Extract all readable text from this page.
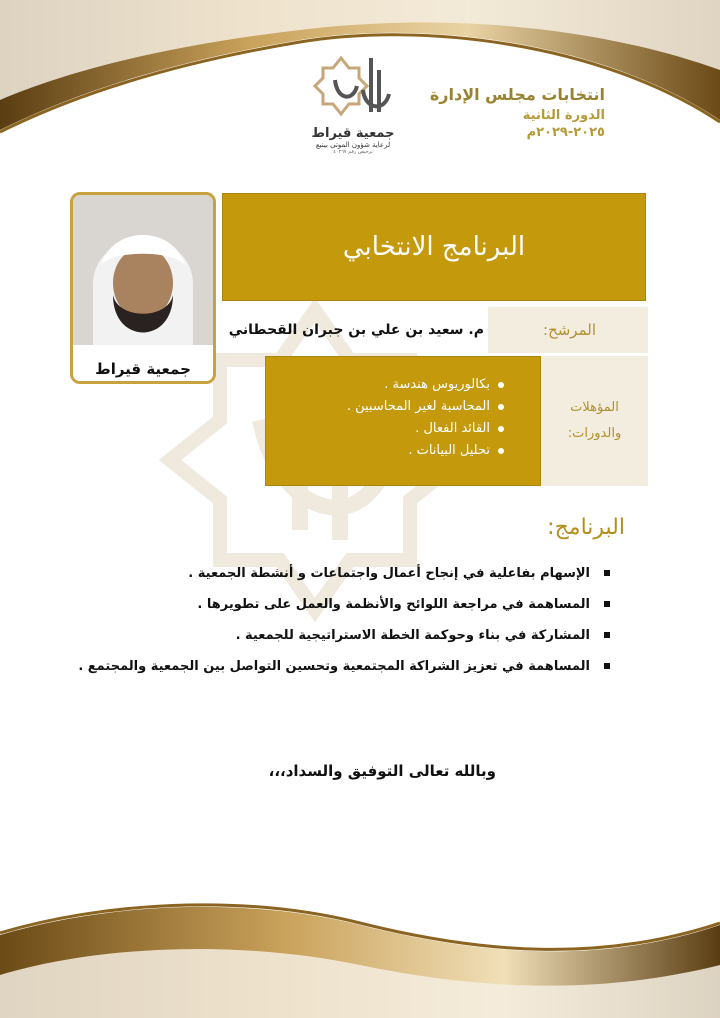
جمعية قيراط
لرعاية شؤون الموتى بينبع
ترخيص رقم ٤٠٢٦٧
انتخابات مجلس الإدارة
الدورة الثانية
٢٠٢٥-٢٠٢٩م
جمعية قيراط
البرنامج الانتخابي
المرشح:
م. سعيد بن علي بن جبران القحطاني
المؤهلات
والدورات:
بكالوريوس هندسة .
المحاسبة لغير المحاسبين .
القائد الفعال .
تحليل البيانات .
البرنامج:
الإسهام بفاعلية في إنجاح أعمال واجتماعات و أنشطة الجمعية .
المساهمة في مراجعة اللوائح والأنظمة والعمل على تطويرها .
المشاركة في بناء وحوكمة الخطة الاستراتيجية للجمعية .
المساهمة في تعزيز الشراكة المجتمعية وتحسين التواصل بين الجمعية والمجتمع .
وبالله تعالى التوفيق والسداد،،،
